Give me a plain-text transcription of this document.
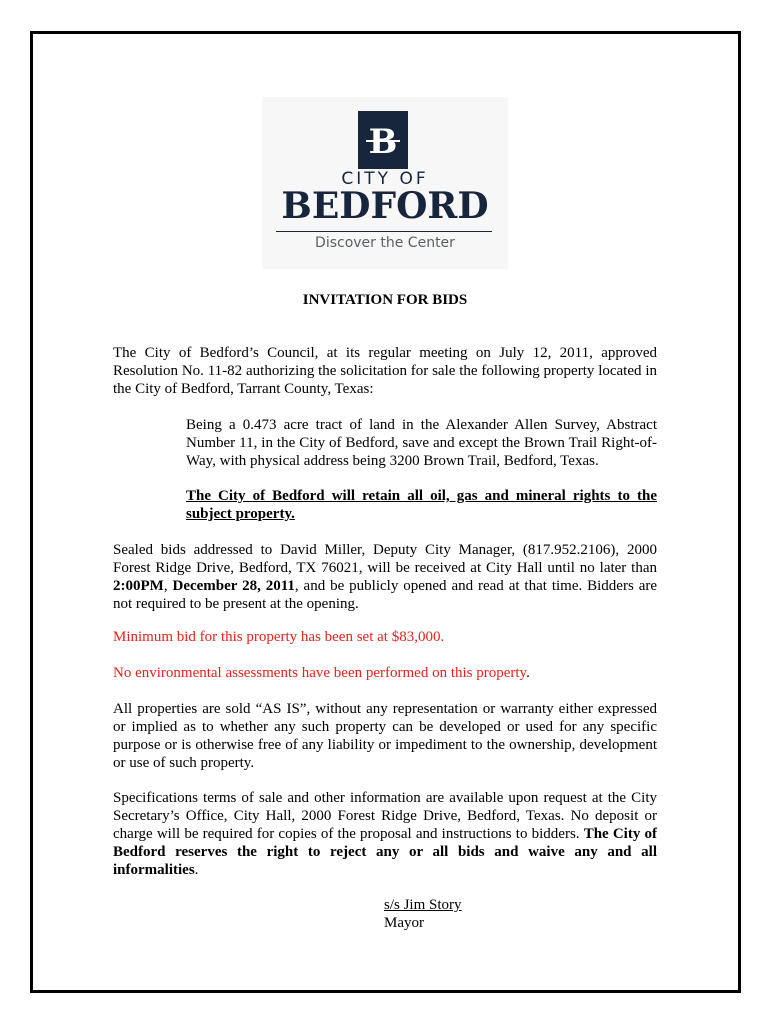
B
CITY OF
BEDFORD
Discover the Center
INVITATION FOR BIDS
The City of Bedford’s Council, at its regular meeting on July 12, 2011, approved Resolution No. 11-82 authorizing the solicitation for sale the following property located in the City of Bedford, Tarrant County, Texas:
Being a 0.473 acre tract of land in the Alexander Allen Survey, Abstract Number 11, in the City of Bedford, save and except the Brown Trail Right-of-Way, with physical address being 3200 Brown Trail, Bedford, Texas.
The City of Bedford will retain all oil, gas and mineral rights to the subject property.
Sealed bids addressed to David Miller, Deputy City Manager, (817.952.2106), 2000 Forest Ridge Drive, Bedford, TX 76021, will be received at City Hall until no later than 2:00PM, December 28, 2011, and be publicly opened and read at that time. Bidders are not required to be present at the opening.
Minimum bid for this property has been set at $83,000.
No environmental assessments have been performed on this property.
All properties are sold “AS IS”, without any representation or warranty either expressed or implied as to whether any such property can be developed or used for any specific purpose or is otherwise free of any liability or impediment to the ownership, development or use of such property.
Specifications terms of sale and other information are available upon request at the City Secretary’s Office, City Hall, 2000 Forest Ridge Drive, Bedford, Texas. No deposit or charge will be required for copies of the proposal and instructions to bidders. The City of Bedford reserves the right to reject any or all bids and waive any and all informalities.
s/s Jim Story
Mayor
